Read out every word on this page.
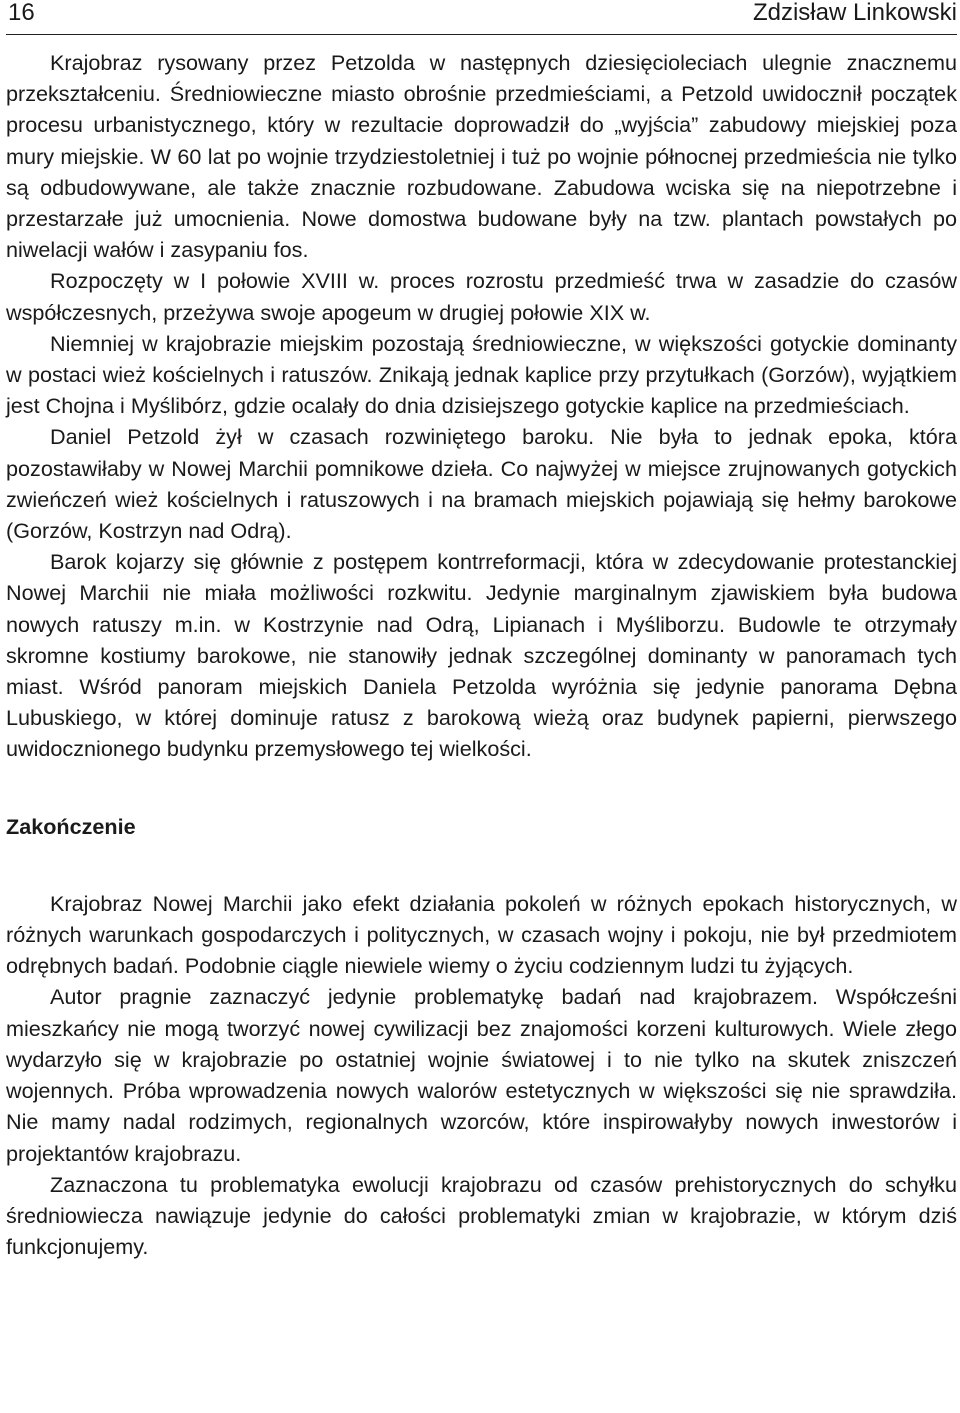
16	Zdzisław Linkowski

Krajobraz rysowany przez Petzolda w następnych dziesięcioleciach ulegnie znacznemu przekształceniu. Średniowieczne miasto obrośnie przedmieściami, a Petzold uwidocznił początek procesu urbanistycznego, który w rezultacie doprowadził do „wyjścia” zabudowy miejskiej poza mury miejskie. W 60 lat po wojnie trzydziestoletniej i tuż po wojnie północnej przedmieścia nie tylko są odbudowywane, ale także znacznie rozbudowane. Zabudowa wciska się na niepotrzebne i przestarzałe już umocnienia. Nowe domostwa budowane były na tzw. plantach powstałych po niwelacji wałów i zasypaniu fos.

Rozpoczęty w I połowie XVIII w. proces rozrostu przedmieść trwa w zasadzie do czasów współczesnych, przeżywa swoje apogeum w drugiej połowie XIX w.

Niemniej w krajobrazie miejskim pozostają średniowieczne, w większości gotyckie dominanty w postaci wież kościelnych i ratuszów. Znikają jednak kaplice przy przytułkach (Gorzów), wyjątkiem jest Chojna i Myślibórz, gdzie ocalały do dnia dzisiejszego gotyckie kaplice na przedmieściach.

Daniel Petzold żył w czasach rozwiniętego baroku. Nie była to jednak epoka, która pozostawiłaby w Nowej Marchii pomnikowe dzieła. Co najwyżej w miejsce zrujnowanych gotyckich zwieńczeń wież kościelnych i ratuszowych i na bramach miejskich pojawiają się hełmy barokowe (Gorzów, Kostrzyn nad Odrą).

Barok kojarzy się głównie z postępem kontrreformacji, która w zdecydowanie protestanckiej Nowej Marchii nie miała możliwości rozkwitu. Jedynie marginalnym zjawiskiem była budowa nowych ratuszy m.in. w Kostrzynie nad Odrą, Lipianach i Myśliborzu. Budowle te otrzymały skromne kostiumy barokowe, nie stanowiły jednak szczególnej dominanty w panoramach tych miast. Wśród panoram miejskich Daniela Petzolda wyróżnia się jedynie panorama Dębna Lubuskiego, w której dominuje ratusz z barokową wieżą oraz budynek papierni, pierwszego uwidocznionego budynku przemysłowego tej wielkości.

Zakończenie

Krajobraz Nowej Marchii jako efekt działania pokoleń w różnych epokach historycznych, w różnych warunkach gospodarczych i politycznych, w czasach wojny i pokoju, nie był przedmiotem odrębnych badań. Podobnie ciągle niewiele wiemy o życiu codziennym ludzi tu żyjących.

Autor pragnie zaznaczyć jedynie problematykę badań nad krajobrazem. Współcześni mieszkańcy nie mogą tworzyć nowej cywilizacji bez znajomości korzeni kulturowych. Wiele złego wydarzyło się w krajobrazie po ostatniej wojnie światowej i to nie tylko na skutek zniszczeń wojennych. Próba wprowadzenia nowych walorów estetycznych w większości się nie sprawdziła. Nie mamy nadal rodzimych, regionalnych wzorców, które inspirowałyby nowych inwestorów i projektantów krajobrazu.

Zaznaczona tu problematyka ewolucji krajobrazu od czasów prehistorycznych do schyłku średniowiecza nawiązuje jedynie do całości problematyki zmian w krajobrazie, w którym dziś funkcjonujemy.
